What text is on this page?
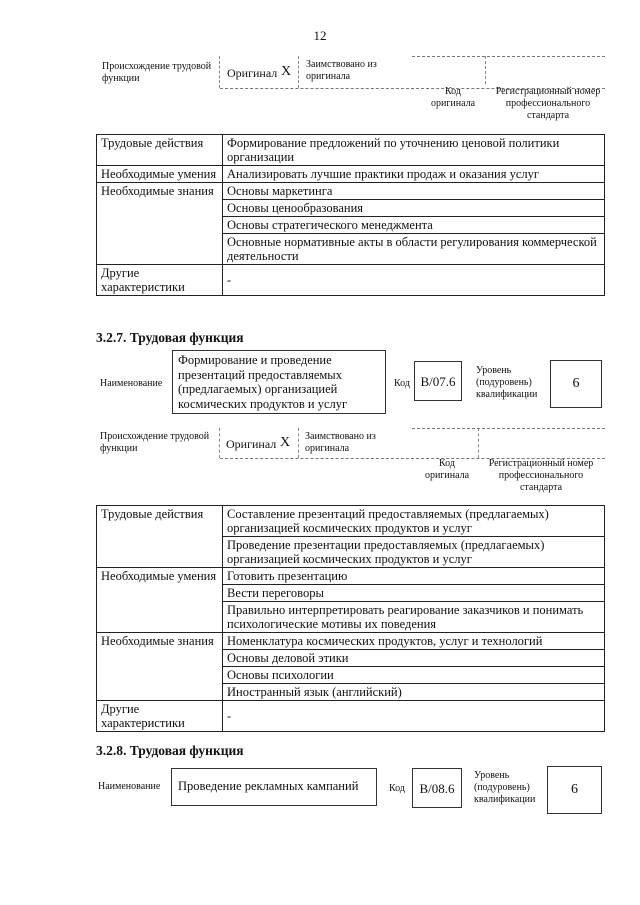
12
Происхождение трудовой функции	Оригинал X Заимствовано из оригинала
Код оригинала
Регистрационный номер профессионального стандарта
Трудовые действия	Формирование предложений по уточнению ценовой политики организации
Необходимые умения	Анализировать лучшие практики продаж и оказания услуг
Необходимые знания	Основы маркетинга
	Основы ценообразования
	Основы стратегического менеджмента
	Основные нормативные акты в области регулирования коммерческой деятельности
Другие характеристики	-
3.2.7. Трудовая функция
Наименование
Формирование и проведение презентаций предоставляемых (предлагаемых) организацией космических продуктов и услуг
Код B/07.6
Уровень (подуровень) квалификации
6
Происхождение трудовой функции	Оригинал X Заимствовано из оригинала
Код оригинала
Регистрационный номер профессионального стандарта
Трудовые действия	Составление презентаций предоставляемых (предлагаемых) организацией космических продуктов и услуг
	Проведение презентации предоставляемых (предлагаемых) организацией космических продуктов и услуг
Необходимые умения	Готовить презентацию
	Вести переговоры
	Правильно интерпретировать реагирование заказчиков и понимать психологические мотивы их поведения
Необходимые знания	Номенклатура космических продуктов, услуг и технологий
	Основы деловой этики
	Основы психологии
	Иностранный язык (английский)
Другие характеристики	-
3.2.8. Трудовая функция
Наименование	Проведение рекламных кампаний	Код	B/08.6
Уровень (подуровень) квалификации
6
